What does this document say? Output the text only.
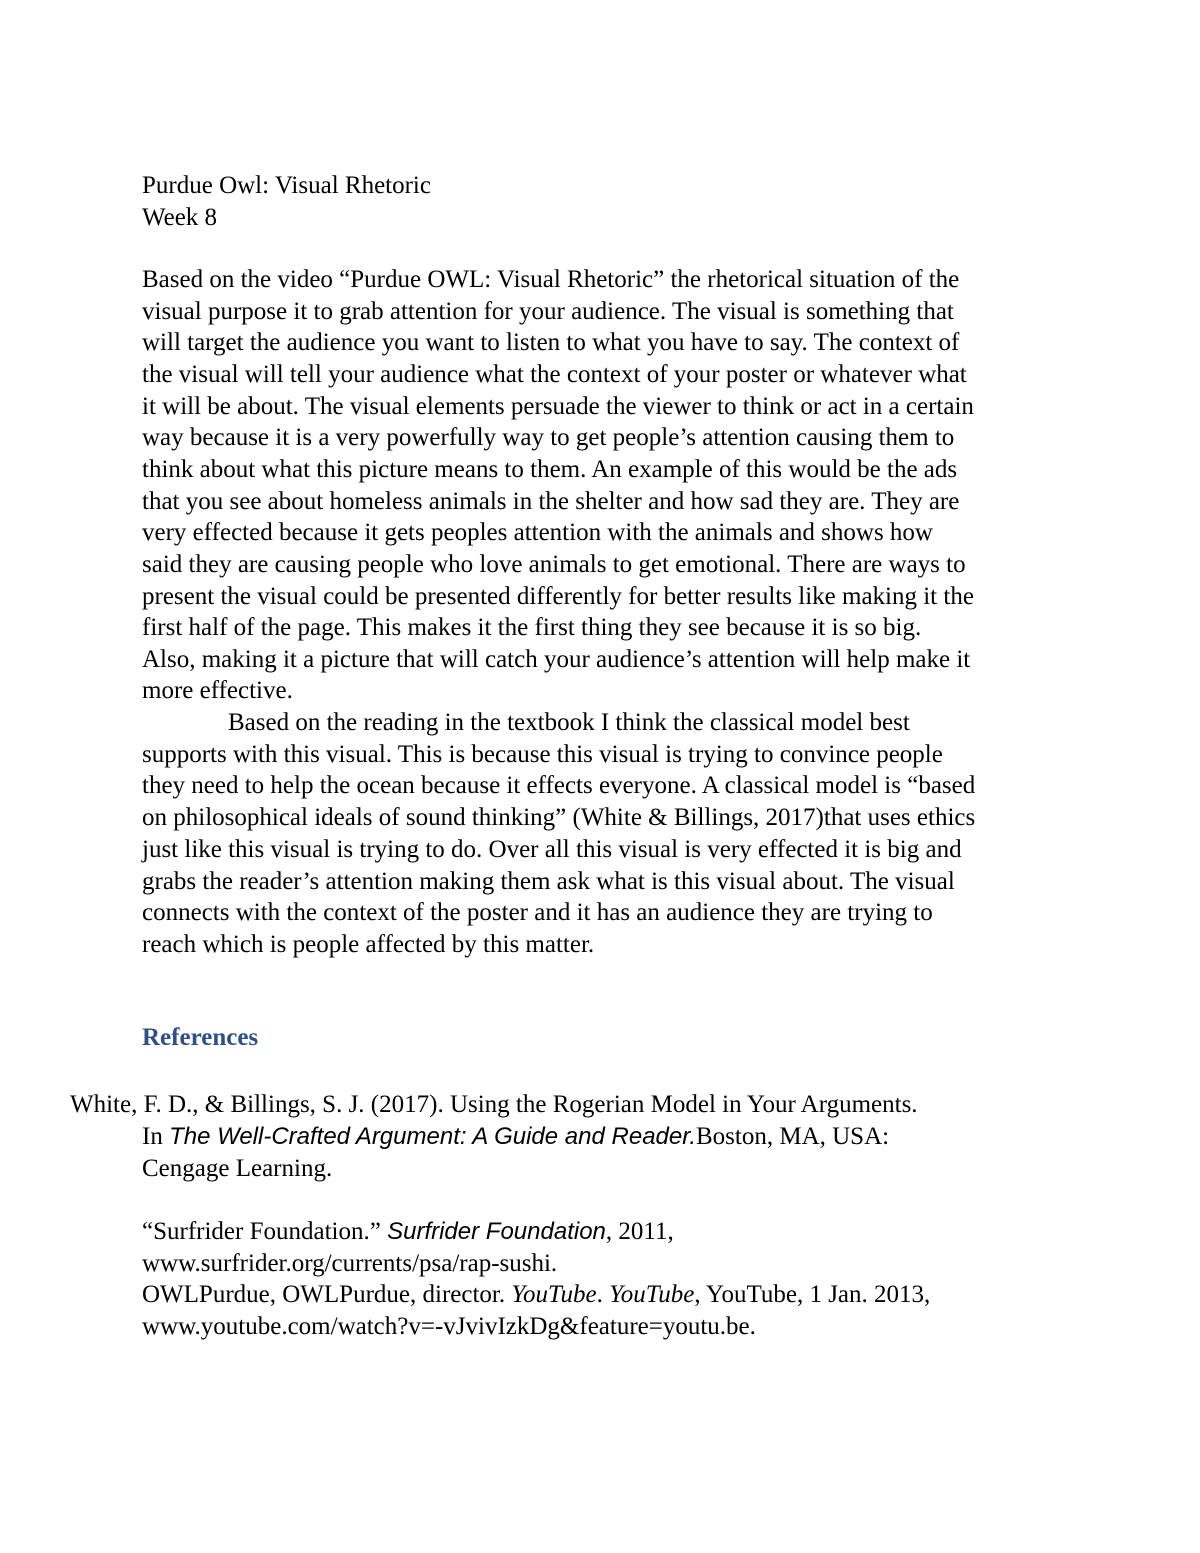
Purdue Owl: Visual Rhetoric
Week 8
Based on the video “Purdue OWL: Visual Rhetoric” the rhetorical situation of the
visual purpose it to grab attention for your audience. The visual is something that
will target the audience you want to listen to what you have to say. The context of
the visual will tell your audience what the context of your poster or whatever what
it will be about. The visual elements persuade the viewer to think or act in a certain
way because it is a very powerfully way to get people’s attention causing them to
think about what this picture means to them. An example of this would be the ads
that you see about homeless animals in the shelter and how sad they are. They are
very effected because it gets peoples attention with the animals and shows how
said they are causing people who love animals to get emotional. There are ways to
present the visual could be presented differently for better results like making it the
first half of the page. This makes it the first thing they see because it is so big.
Also, making it a picture that will catch your audience’s attention will help make it
more effective.
Based on the reading in the textbook I think the classical model best
supports with this visual. This is because this visual is trying to convince people
they need to help the ocean because it effects everyone. A classical model is “based
on philosophical ideals of sound thinking” (White & Billings, 2017)that uses ethics
just like this visual is trying to do. Over all this visual is very effected it is big and
grabs the reader’s attention making them ask what is this visual about. The visual
connects with the context of the poster and it has an audience they are trying to
reach which is people affected by this matter.
References
White, F. D., & Billings, S. J. (2017). Using the Rogerian Model in Your Arguments.
In The Well-Crafted Argument: A Guide and Reader.Boston, MA, USA:
Cengage Learning.
“Surfrider Foundation.” Surfrider Foundation, 2011,
www.surfrider.org/currents/psa/rap-sushi.
OWLPurdue, OWLPurdue, director. YouTube. YouTube, YouTube, 1 Jan. 2013,
www.youtube.com/watch?v=-vJvivIzkDg&feature=youtu.be.
